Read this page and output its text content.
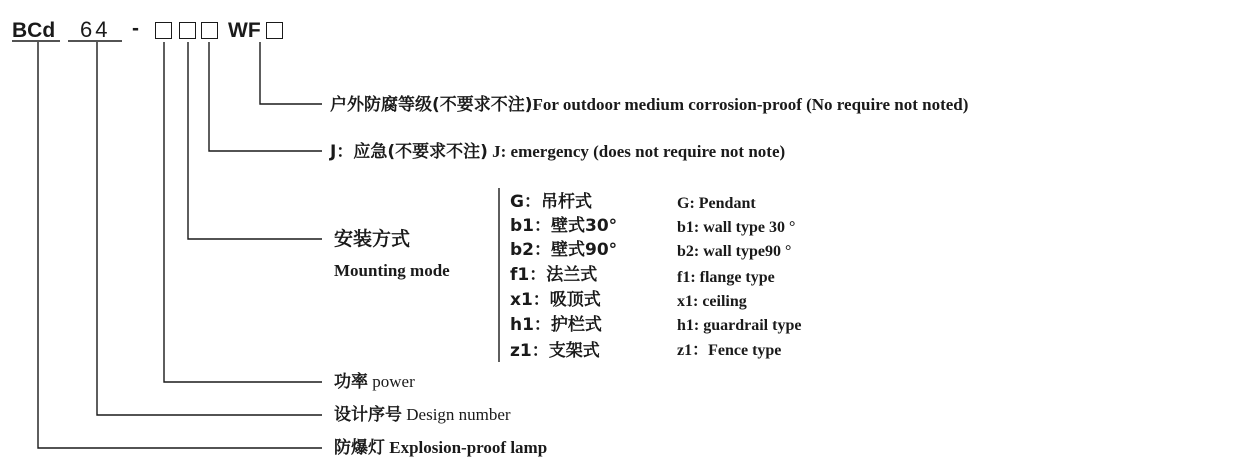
BCd 64 -	WF
户外防腐等级(不要求不注)For outdoor medium corrosion-proof (No require not noted)
J：应急(不要求不注) J: emergency (does not require not note)
安装方式
Mounting mode
G：吊杆式
b1：壁式30°
b2：壁式90°
f1：法兰式
x1：吸顶式
h1：护栏式
z1：支架式
G: Pendant
b1: wall type 30 °
b2: wall type90 °
f1: flange type
x1: ceiling
h1: guardrail type
z1：Fence type
功率 power
设计序号 Design number
防爆灯 Explosion-proof lamp
